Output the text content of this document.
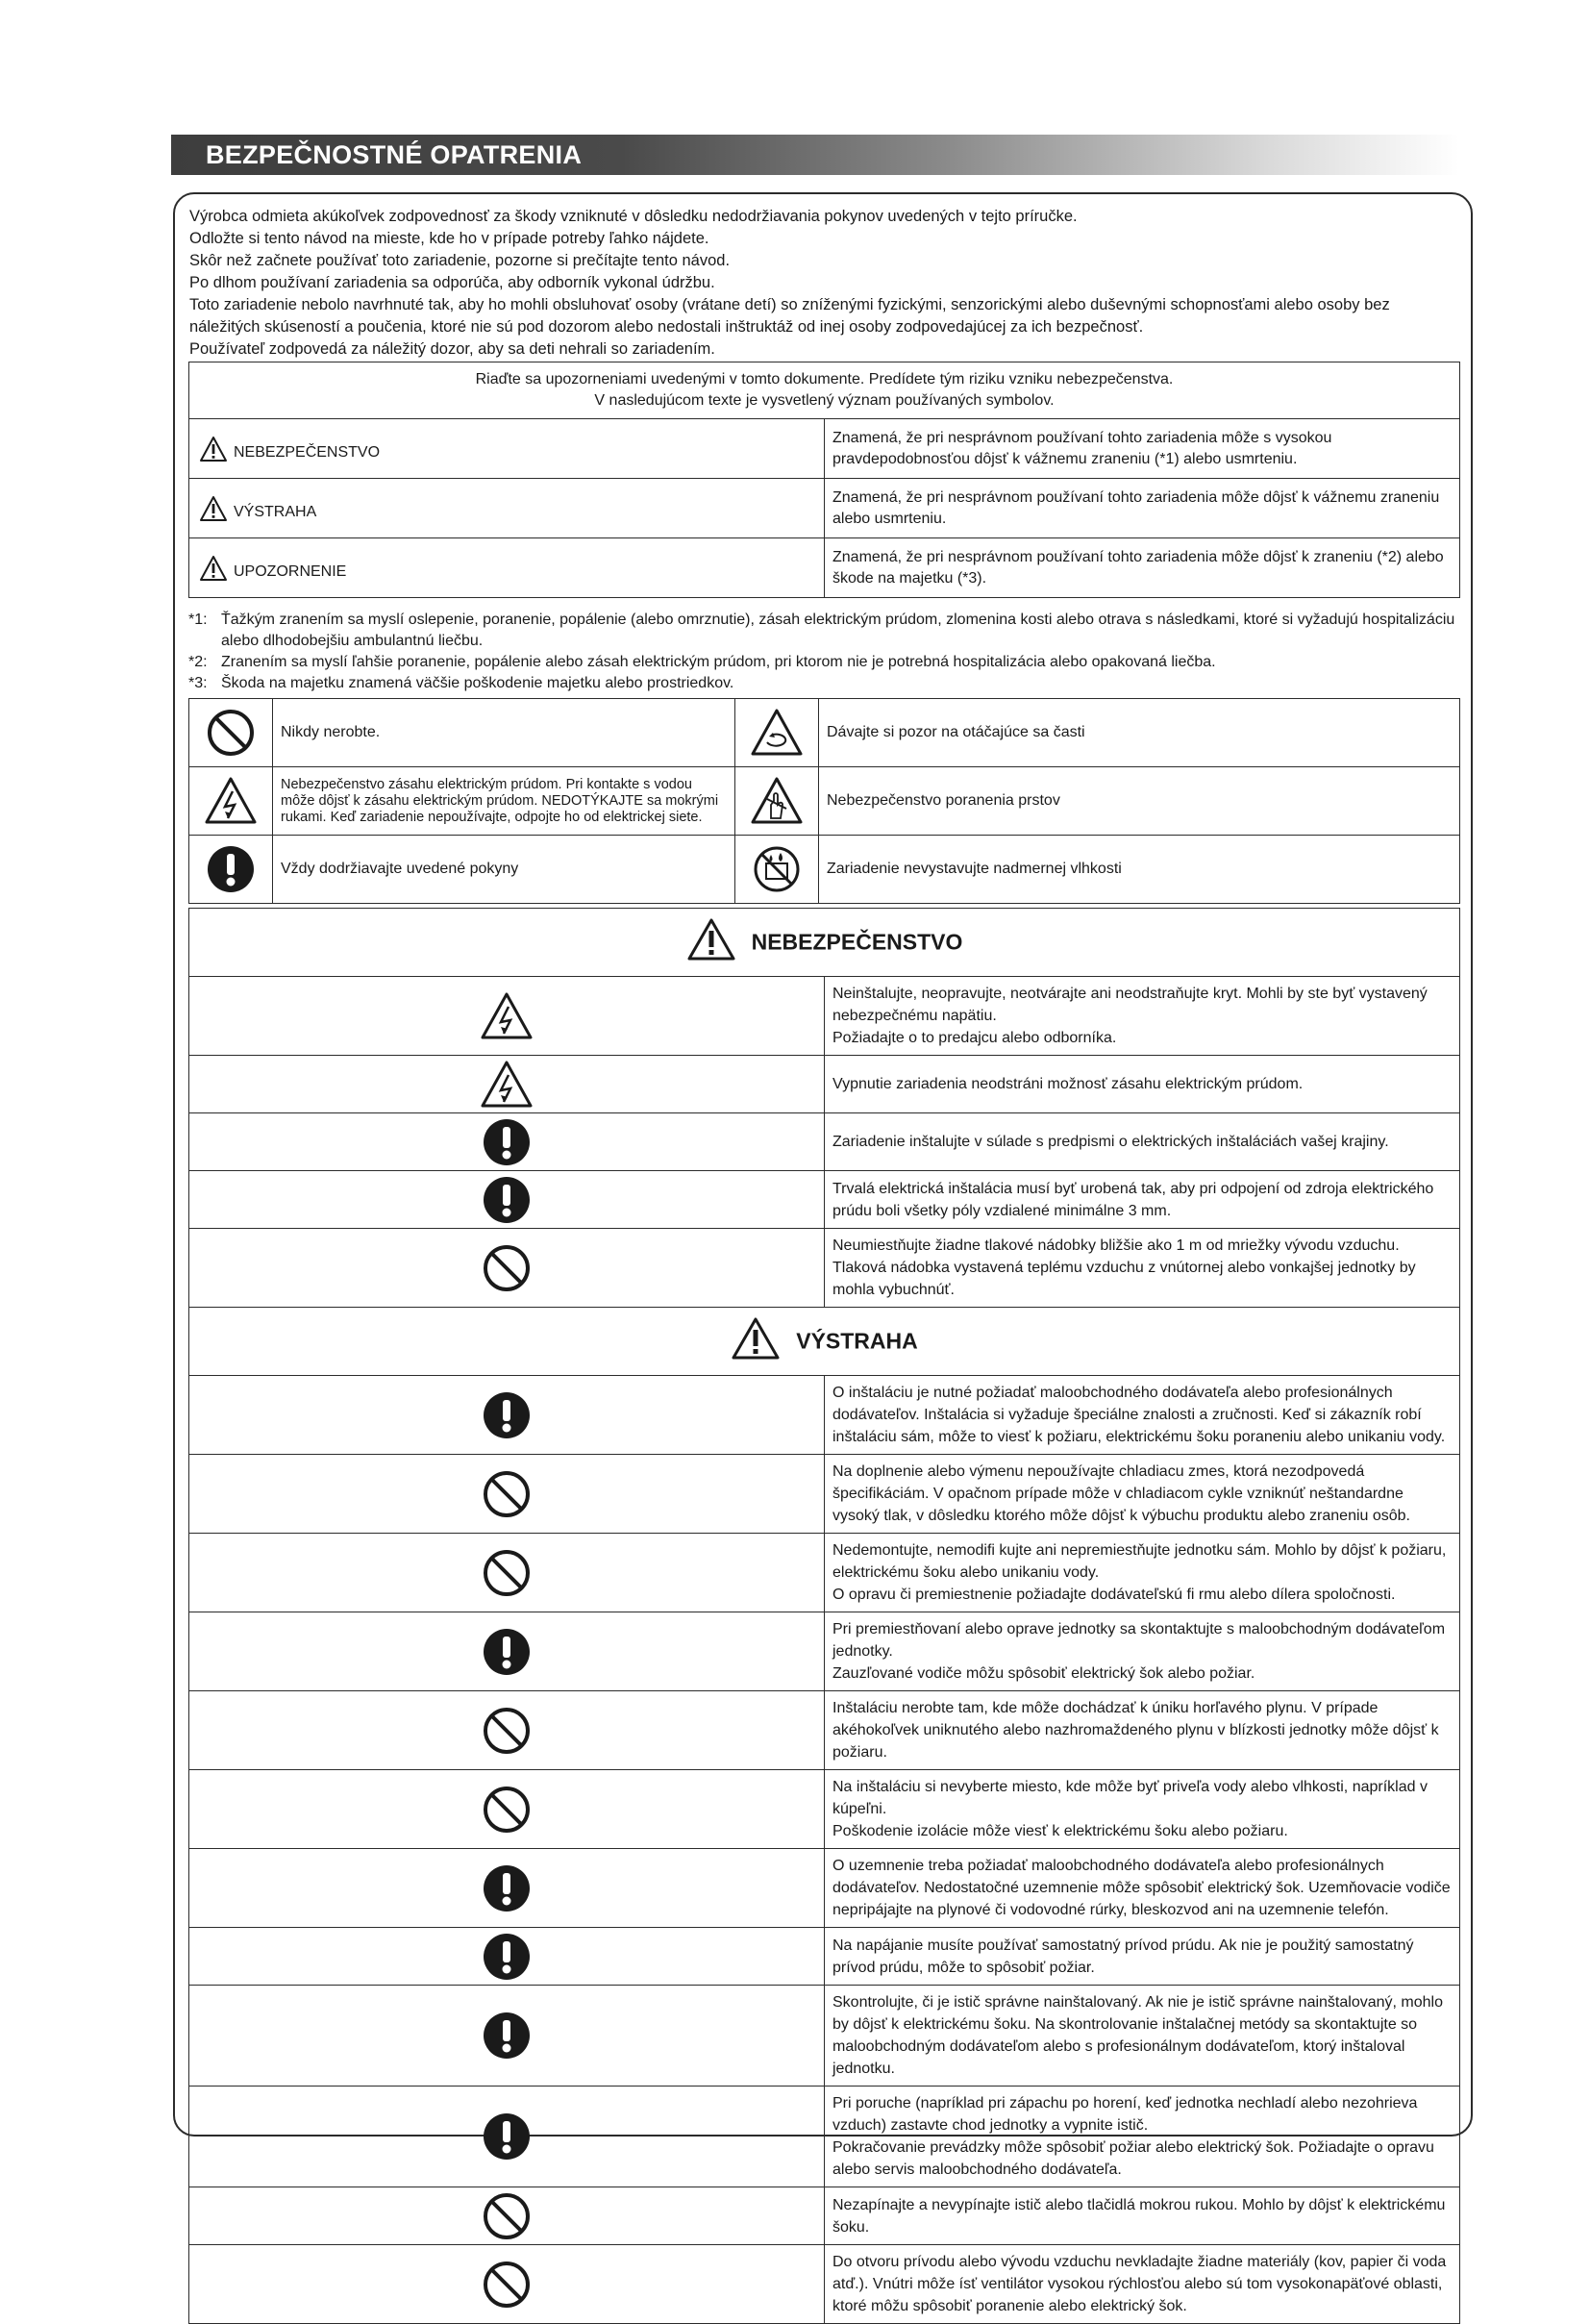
BEZPEČNOSTNÉ OPATRENIA

Výrobca odmieta akúkoľvek zodpovednosť za škody vzniknuté v dôsledku nedodržiavania pokynov uvedených v tejto príručke.

Odložte si tento návod na mieste, kde ho v prípade potreby ľahko nájdete.

Skôr než začnete používať toto zariadenie, pozorne si prečítajte tento návod.

Po dlhom používaní zariadenia sa odporúča, aby odborník vykonal údržbu.

Toto zariadenie nebolo navrhnuté tak, aby ho mohli obsluhovať osoby (vrátane detí) so zníženými fyzickými, senzorickými alebo duševnými schopnosťami alebo osoby bez náležitých skúseností a poučenia, ktoré nie sú pod dozorom alebo nedostali inštruktáž od inej osoby zodpovedajúcej za ich bezpečnosť.

Používateľ zodpovedá za náležitý dozor, aby sa deti nehrali so zariadením.

Riaďte sa upozorneniami uvedenými v tomto dokumente. Predídete tým riziku vzniku nebezpečenstva.
V nasledujúcom texte je vysvetlený význam používaných symbolov.	

NEBEZPEČENSTVO	Znamená, že pri nesprávnom používaní tohto zariadenia môže s vysokou pravdepodobnosťou dôjsť k vážnemu zraneniu (*1) alebo usmrteniu.

VÝSTRAHA	Znamená, že pri nesprávnom používaní tohto zariadenia môže dôjsť k vážnemu zraneniu alebo usmrteniu.

UPOZORNENIE	Znamená, že pri nesprávnom používaní tohto zariadenia môže dôjsť k zraneniu (*2) alebo škode na majetku (*3).
*1: Ťažkým zranením sa myslí oslepenie, poranenie, popálenie (alebo omrznutie), zásah elektrickým prúdom, zlomenina kosti alebo otrava s následkami, ktoré si vyžadujú hospitalizáciu alebo dlhodobejšiu ambulantnú liečbu.
*2: Zranením sa myslí ľahšie poranenie, popálenie alebo zásah elektrickým prúdom, pri ktorom nie je potrebná hospitalizácia alebo opakovaná liečba.
*3: Škoda na majetku znamená väčšie poškodenie majetku alebo prostriedkov.
	Nikdy nerobte.		Dávajte si pozor na otáčajúce sa časti

	Nebezpečenstvo zásahu elektrickým prúdom. Pri kontakte s vodou môže dôjsť k zásahu elektrickým prúdom. NEDOTÝKAJTE sa mokrými rukami. Keď zariadenie nepoužívajte, odpojte ho od elektrickej siete.		Nebezpečenstvo poranenia prstov

	Vždy dodržiavajte uvedené pokyny		Zariadenie nevystavujte nadmernej vlhkosti
NEBEZPEČENSTVO	

	Neinštalujte, neopravujte, neotvárajte ani neodstraňujte kryt. Mohli by ste byť vystavený nebezpečnému napätiu.
Požiadajte o to predajcu alebo odborníka.

	Vypnutie zariadenia neodstráni možnosť zásahu elektrickým prúdom.

	Zariadenie inštalujte v súlade s predpismi o elektrických inštaláciách vašej krajiny.

	Trvalá elektrická inštalácia musí byť urobená tak, aby pri odpojení od zdroja elektrického prúdu boli všetky póly vzdialené minimálne 3 mm.

	Neumiestňujte žiadne tlakové nádobky bližšie ako 1 m od mriežky vývodu vzduchu.
Tlaková nádobka vystavená teplému vzduchu z vnútornej alebo vonkajšej jednotky by mohla vybuchnúť.
VÝSTRAHA	

	O inštaláciu je nutné požiadať maloobchodného dodávateľa alebo profesionálnych dodávateľov. Inštalácia si vyžaduje špeciálne znalosti a zručnosti. Keď si zákazník robí inštaláciu sám, môže to viesť k požiaru, elektrickému šoku poraneniu alebo unikaniu vody.

	Na doplnenie alebo výmenu nepoužívajte chladiacu zmes, ktorá nezodpovedá špecifikáciám. V opačnom prípade môže v chladiacom cykle vzniknúť neštandardne vysoký tlak, v dôsledku ktorého môže dôjsť k výbuchu produktu alebo zraneniu osôb.

	Nedemontujte, nemodifi kujte ani nepremiestňujte jednotku sám. Mohlo by dôjsť k požiaru, elektrickému šoku alebo unikaniu vody.
O opravu či premiestnenie požiadajte dodávateľskú fi rmu alebo dílera spoločnosti.

	Pri premiestňovaní alebo oprave jednotky sa skontaktujte s maloobchodným dodávateľom jednotky.
Zauzľované vodiče môžu spôsobiť elektrický šok alebo požiar.

	Inštaláciu nerobte tam, kde môže dochádzať k úniku horľavého plynu. V prípade akéhokoľvek uniknutého alebo nazhromaždeného plynu v blízkosti jednotky môže dôjsť k požiaru.

	Na inštaláciu si nevyberte miesto, kde môže byť priveľa vody alebo vlhkosti, napríklad v kúpeľni.
Poškodenie izolácie môže viesť k elektrickému šoku alebo požiaru.

	O uzemnenie treba požiadať maloobchodného dodávateľa alebo profesionálnych dodávateľov. Nedostatočné uzemnenie môže spôsobiť elektrický šok. Uzemňovacie vodiče nepripájajte na plynové či vodovodné rúrky, bleskozvod ani na uzemnenie telefón.

	Na napájanie musíte používať samostatný prívod prúdu. Ak nie je použitý samostatný prívod prúdu, môže to spôsobiť požiar.

	Skontrolujte, či je istič správne nainštalovaný. Ak nie je istič správne nainštalovaný, mohlo by dôjsť k elektrickému šoku. Na skontrolovanie inštalačnej metódy sa skontaktujte so maloobchodným dodávateľom alebo s profesionálnym dodávateľom, ktorý inštaloval jednotku.

	Pri poruche (napríklad pri zápachu po horení, keď jednotka nechladí alebo nezohrieva vzduch) zastavte chod jednotky a vypnite istič.
Pokračovanie prevádzky môže spôsobiť požiar alebo elektrický šok. Požiadajte o opravu alebo servis maloobchodného dodávateľa.

	Nezapínajte a nevypínajte istič alebo tlačidlá mokrou rukou. Mohlo by dôjsť k elektrickému šoku.

	Do otvoru prívodu alebo vývodu vzduchu nevkladajte žiadne materiály (kov, papier či voda atď.). Vnútri môže ísť ventilátor vysokou rýchlosťou alebo sú tom vysokonapäťové oblasti, ktoré môžu spôsobiť poranenie alebo elektrický šok.
